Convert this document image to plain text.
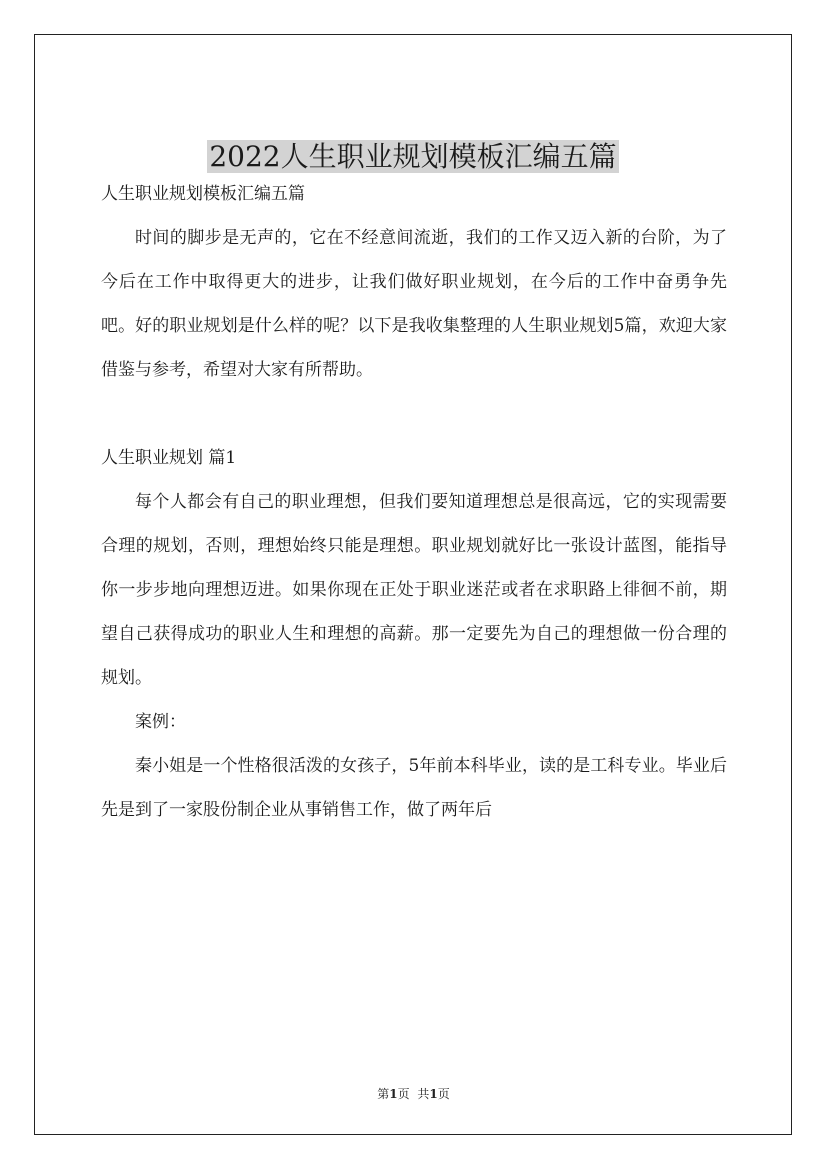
2022人生职业规划模板汇编五篇

人生职业规划模板汇编五篇

时间的脚步是无声的，它在不经意间流逝，我们的工作又迈入新的台阶，为了今后在工作中取得更大的进步，让我们做好职业规划，在今后的工作中奋勇争先吧。好的职业规划是什么样的呢？以下是我收集整理的人生职业规划5篇，欢迎大家借鉴与参考，希望对大家有所帮助。

人生职业规划 篇1

每个人都会有自己的职业理想，但我们要知道理想总是很高远，它的实现需要合理的规划，否则，理想始终只能是理想。职业规划就好比一张设计蓝图，能指导你一步步地向理想迈进。如果你现在正处于职业迷茫或者在求职路上徘徊不前，期望自己获得成功的职业人生和理想的高薪。那一定要先为自己的理想做一份合理的规划。

案例：

秦小姐是一个性格很活泼的女孩子，5年前本科毕业，读的是工科专业。毕业后先是到了一家股份制企业从事销售工作，做了两年后

第1页 共1页
